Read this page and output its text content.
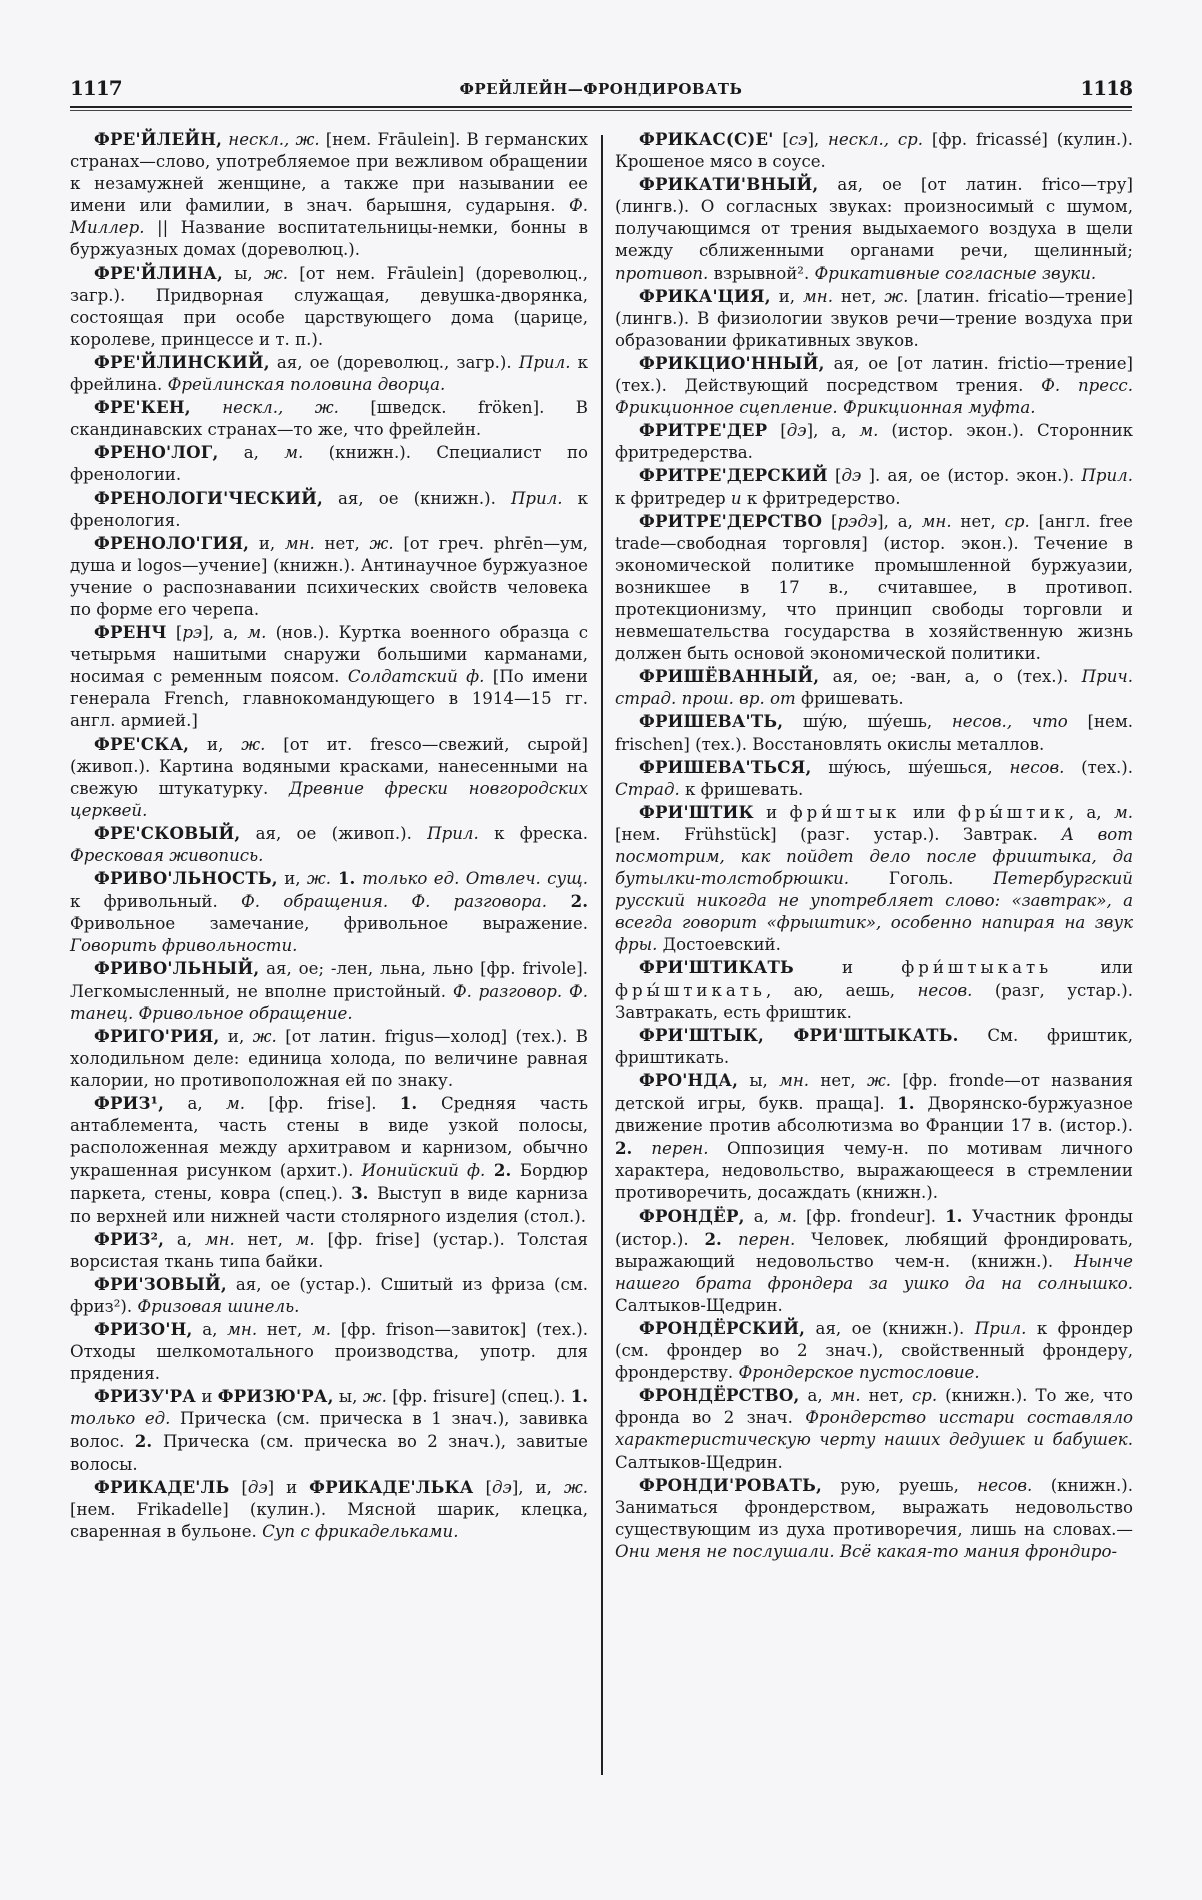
1117	ФРЕЙЛЕЙН—ФРОНДИРОВАТЬ	1118

ФРЕ'ЙЛЕЙН, нескл., ж. [нем. Frāulein]. В германских странах—слово, употребляемое при вежливом обращении к незамужней женщине, а также при назывании ее имени или фамилии, в знач. барышня, сударыня. Ф. Миллер. || Название воспитательницы-немки, бонны в буржуазных домах (дореволюц.).

ФРЕ'ЙЛИНА, ы, ж. [от нем. Frāulein] (дореволюц., загр.). Придворная служащая, девушка-дворянка, состоящая при особе царствующего дома (царице, королеве, принцессе и т. п.).

ФРЕ'ЙЛИНСКИЙ, ая, ое (дореволюц., загр.). Прил. к фрейлина. Фрейлинская половина дворца.

ФРЕ'КЕН, нескл., ж. [шведск. fröken]. В скандинавских странах—то же, что фрейлейн.

ФРЕНО'ЛОГ, а, м. (книжн.). Специалист по френологии.

ФРЕНОЛОГИ'ЧЕСКИЙ, ая, ое (книжн.). Прил. к френология.

ФРЕНОЛО'ГИЯ, и, мн. нет, ж. [от греч. phrēn—ум, душа и logos—учение] (книжн.). Антинаучное буржуазное учение о распознавании психических свойств человека по форме его черепа.

ФРЕНЧ [рэ], а, м. (нов.). Куртка военного образца с четырьмя нашитыми снаружи большими карманами, носимая с ременным поясом. Солдатский ф. [По имени генерала French, главнокомандующего в 1914—15 гг. англ. армией.]

ФРЕ'СКА, и, ж. [от ит. fresco—свежий, сырой] (живоп.). Картина водяными красками, нанесенными на свежую штукатурку. Древние фрески новгородских церквей.

ФРЕ'СКОВЫЙ, ая, ое (живоп.). Прил. к фреска. Фресковая живопись.

ФРИВО'ЛЬНОСТЬ, и, ж. 1. только ед. Отвлеч. сущ. к фривольный. Ф. обращения. Ф. разговора. 2. Фривольное замечание, фривольное выражение. Говорить фривольности.

ФРИВО'ЛЬНЫЙ, ая, ое; -лен, льна, льно [фр. frivole]. Легкомысленный, не вполне пристойный. Ф. разговор. Ф. танец. Фривольное обращение.

ФРИГО'РИЯ, и, ж. [от латин. frigus—холод] (тех.). В холодильном деле: единица холода, по величине равная калории, но противоположная ей по знаку.

ФРИЗ¹, а, м. [фр. frise]. 1. Средняя часть антаблемента, часть стены в виде узкой полосы, расположенная между архитравом и карнизом, обычно украшенная рисунком (архит.). Ионийский ф. 2. Бордюр паркета, стены, ковра (спец.). 3. Выступ в виде карниза по верхней или нижней части столярного изделия (стол.).

ФРИЗ², а, мн. нет, м. [фр. frise] (устар.). Толстая ворсистая ткань типа байки.

ФРИ'ЗОВЫЙ, ая, ое (устар.). Сшитый из фриза (см. фриз²). Фризовая шинель.

ФРИЗО'Н, а, мн. нет, м. [фр. frison—завиток] (тех.). Отходы шелкомотального производства, употр. для прядения.

ФРИЗУ'РА и ФРИЗЮ'РА, ы, ж. [фр. frisure] (спец.). 1. только ед. Прическа (см. прическа в 1 знач.), завивка волос. 2. Прическа (см. прическа во 2 знач.), завитые волосы.

ФРИКАДЕ'ЛЬ [дэ] и ФРИКАДЕ'ЛЬКА [дэ], и, ж. [нем. Frikadelle] (кулин.). Мясной шарик, клецка, сваренная в бульоне. Суп с фрикадельками.

ФРИКАС(С)Е' [сэ], нескл., ср. [фр. fricassé] (кулин.). Крошеное мясо в соусе.

ФРИКАТИ'ВНЫЙ, ая, ое [от латин. frico—тру] (лингв.). О согласных звуках: произносимый с шумом, получающимся от трения выдыхаемого воздуха в щели между сближенными органами речи, щелинный; противоп. взрывной². Фрикативные согласные звуки.

ФРИКА'ЦИЯ, и, мн. нет, ж. [латин. fricatio—трение] (лингв.). В физиологии звуков речи—трение воздуха при образовании фрикативных звуков.

ФРИКЦИО'ННЫЙ, ая, ое [от латин. frictio—трение] (тех.). Действующий посредством трения. Ф. пресс. Фрикционное сцепление. Фрикционная муфта.

ФРИТРЕ'ДЕР [дэ], а, м. (истор. экон.). Сторонник фритредерства.

ФРИТРЕ'ДЕРСКИЙ [дэ ]. ая, ое (истор. экон.). Прил. к фритредер и к фритредерство.

ФРИТРЕ'ДЕРСТВО [рэдэ], а, мн. нет, ср. [англ. free trade—свободная торговля] (истор. экон.). Течение в экономической политике промышленной буржуазии, возникшее в 17 в., считавшее, в противоп. протекционизму, что принцип свободы торговли и невмешательства государства в хозяйственную жизнь должен быть основой экономической политики.

ФРИШЁВАННЫЙ, ая, ое; -ван, а, о (тех.). Прич. страд. прош. вр. от фришевать.

ФРИШЕВА'ТЬ, шу́ю, шу́ешь, несов., что [нем. frischen] (тех.). Восстановлять окислы металлов.

ФРИШЕВА'ТЬСЯ, шу́юсь, шу́ешься, несов. (тех.). Страд. к фришевать.

ФРИ'ШТИК и фри́штык или фры́штик, а, м. [нем. Frühstück] (разг. устар.). Завтрак. А вот посмотрим, как пойдет дело после фриштыка, да бутылки-толстобрюшки. Гоголь. Петербургский русский никогда не употребляет слово: «завтрак», а всегда говорит «фрыштик», особенно напирая на звук фры. Достоевский.

ФРИ'ШТИКАТЬ и фри́штыкать или фры́штикать, аю, аешь, несов. (разг, устар.). Завтракать, есть фриштик.

ФРИ'ШТЫК, ФРИ'ШТЫКАТЬ. См. фриштик, фриштикать.

ФРО'НДА, ы, мн. нет, ж. [фр. fronde—от названия детской игры, букв. праща]. 1. Дворянско-буржуазное движение против абсолютизма во Франции 17 в. (истор.). 2. перен. Оппозиция чему-н. по мотивам личного характера, недовольство, выражающееся в стремлении противоречить, досаждать (книжн.).

ФРОНДЁР, а, м. [фр. frondeur]. 1. Участник фронды (истор.). 2. перен. Человек, любящий фрондировать, выражающий недовольство чем-н. (книжн.). Нынче нашего брата фрондера за ушко да на солнышко. Салтыков-Щедрин.

ФРОНДЁРСКИЙ, ая, ое (книжн.). Прил. к фрондер (см. фрондер во 2 знач.), свойственный фрондеру, фрондерству. Фрондерское пустословие.

ФРОНДЁРСТВО, а, мн. нет, ср. (книжн.). То же, что фронда во 2 знач. Фрондерство исстари составляло характеристическую черту наших дедушек и бабушек. Салтыков-Щедрин.

ФРОНДИ'РОВАТЬ, рую, руешь, несов. (книжн.). Заниматься фрондерством, выражать недовольство существующим из духа противоречия, лишь на словах.—Они меня не послушали. Всё какая-то мания фрондиро-
